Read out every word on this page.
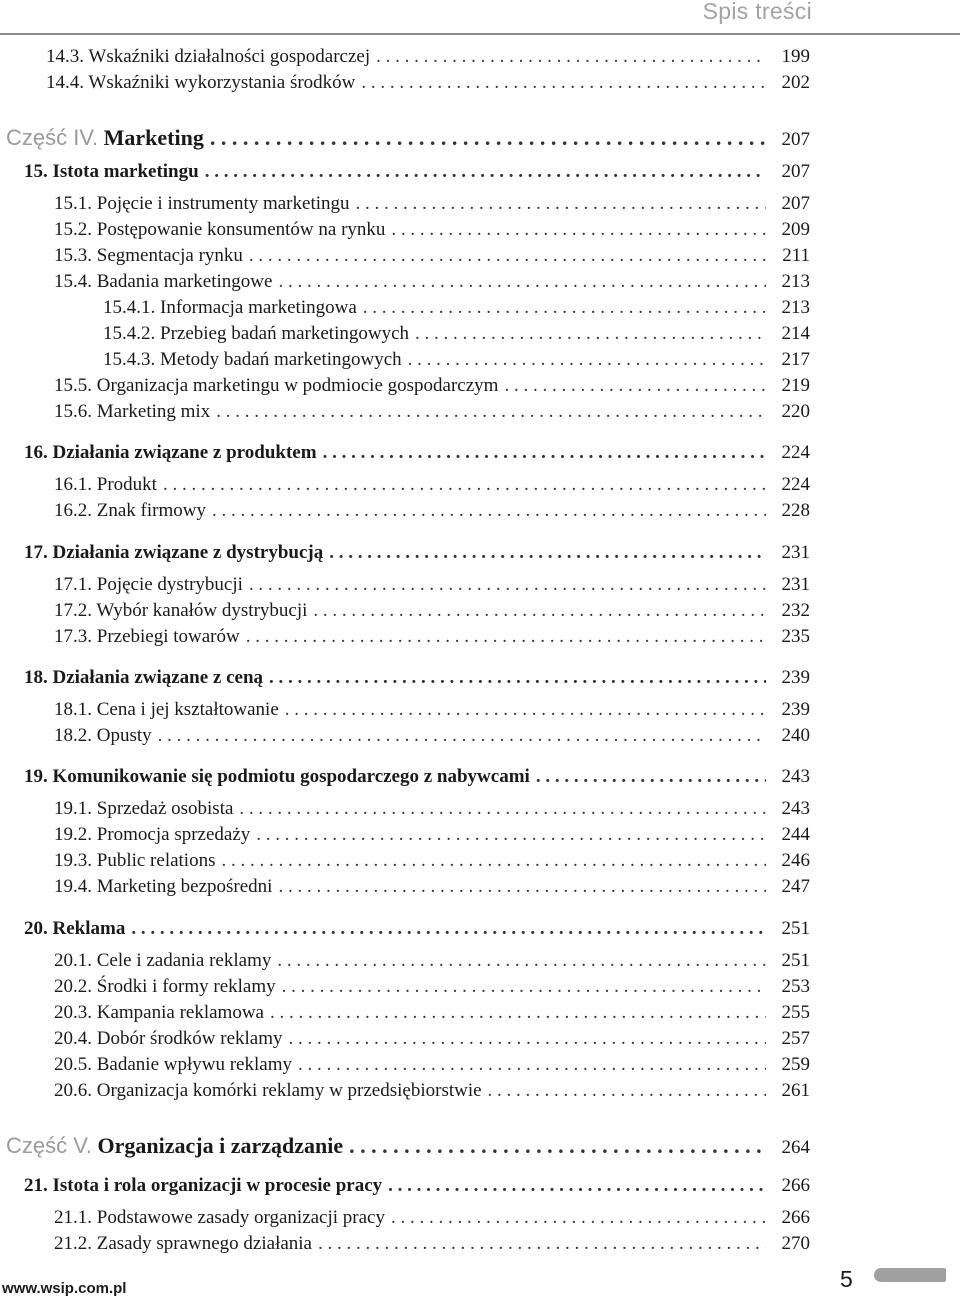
Spis treści
14.3. Wskaźniki działalności gospodarczej . . .	199
14.4. Wskaźniki wykorzystania środków . . .	202
Część IV. Marketing . . .	207
15. Istota marketingu . . .	207
15.1. Pojęcie i instrumenty marketingu . . .	207
15.2. Postępowanie konsumentów na rynku . . .	209
15.3. Segmentacja rynku . . .	211
15.4. Badania marketingowe . . .	213
15.4.1. Informacja marketingowa . . .	213
15.4.2. Przebieg badań marketingowych . . .	214
15.4.3. Metody badań marketingowych . . .	217
15.5. Organizacja marketingu w podmiocie gospodarczym . . .	219
15.6. Marketing mix . . .	220
16. Działania związane z produktem . . .	224
16.1. Produkt . . .	224
16.2. Znak firmowy . . .	228
17. Działania związane z dystrybucją . . .	231
17.1. Pojęcie dystrybucji . . .	231
17.2. Wybór kanałów dystrybucji . . .	232
17.3. Przebiegi towarów . . .	235
18. Działania związane z ceną . . .	239
18.1. Cena i jej kształtowanie . . .	239
18.2. Opusty . . .	240
19. Komunikowanie się podmiotu gospodarczego z nabywcami . . .	243
19.1. Sprzedaż osobista . . .	243
19.2. Promocja sprzedaży . . .	244
19.3. Public relations . . .	246
19.4. Marketing bezpośredni . . .	247
20. Reklama . . .	251
20.1. Cele i zadania reklamy . . .	251
20.2. Środki i formy reklamy . . .	253
20.3. Kampania reklamowa . . .	255
20.4. Dobór środków reklamy . . .	257
20.5. Badanie wpływu reklamy . . .	259
20.6. Organizacja komórki reklamy w przedsiębiorstwie . . .	261
Część V. Organizacja i zarządzanie . . .	264
21. Istota i rola organizacji w procesie pracy . . .	266
21.1. Podstawowe zasady organizacji pracy . . .	266
21.2. Zasady sprawnego działania . . .	270
www.wsip.com.pl	5
